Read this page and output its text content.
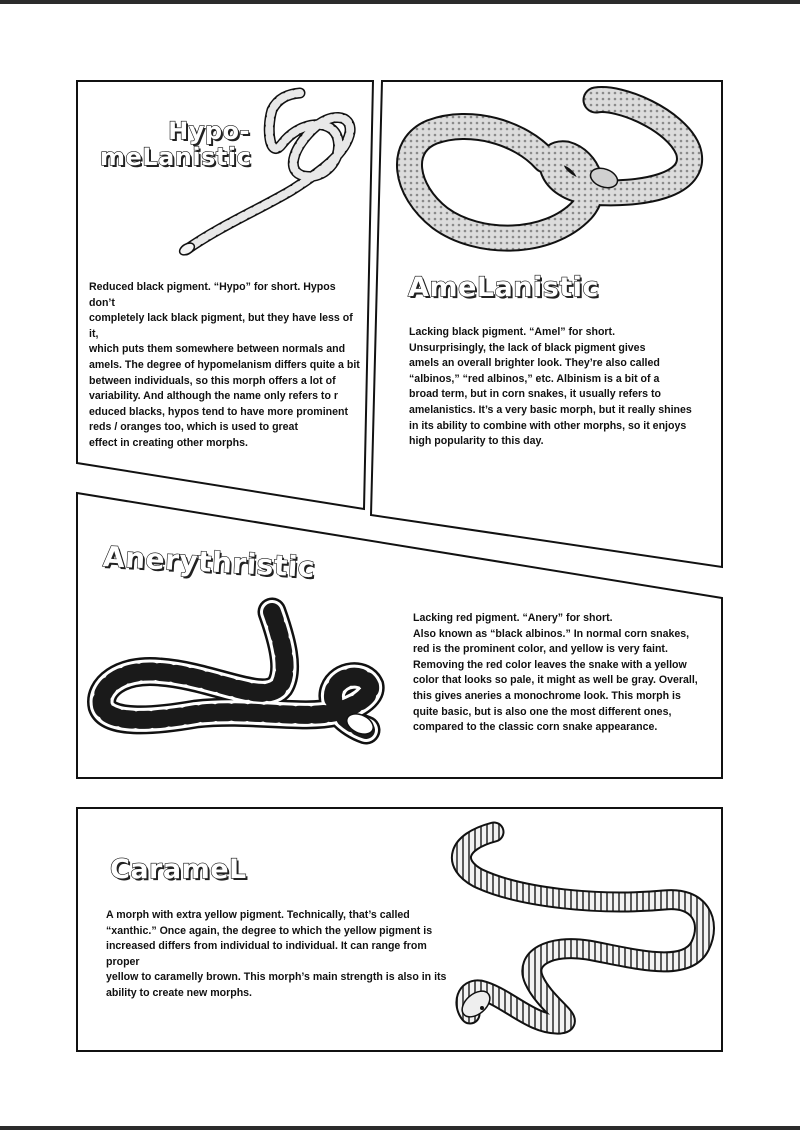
Hypo-
meLanistic

Reduced black pigment. “Hypo” for short. Hypos don’t
completely lack black pigment, but they have less of it,
which puts them somewhere between normals and
amels. The degree of hypomelanism differs quite a bit
between individuals, so this morph offers a lot of
variability. And although the name only refers to r
educed blacks, hypos tend to have more prominent
reds / oranges too, which is used to great
effect in creating other morphs.

AmeLanistic

Lacking black pigment. “Amel” for short.
Unsurprisingly, the lack of black pigment gives
amels an overall brighter look. They’re also called
“albinos,” “red albinos,” etc. Albinism is a bit of a
broad term, but in corn snakes, it usually refers to
amelanistics. It’s a very basic morph, but it really shines
in its ability to combine with other morphs, so it enjoys
high popularity to this day.

Anerythristic

Lacking red pigment. “Anery” for short.
Also known as “black albinos.” In normal corn snakes,
red is the prominent color, and yellow is very faint.
Removing the red color leaves the snake with a yellow
color that looks so pale, it might as well be gray. Overall,
this gives aneries a monochrome look. This morph is
quite basic, but is also one the most different ones,
compared to the classic corn snake appearance.

CarameL

A morph with extra yellow pigment. Technically, that’s called
“xanthic.” Once again, the degree to which the yellow pigment is
increased differs from individual to individual. It can range from proper
yellow to caramelly brown. This morph’s main strength is also in its
ability to create new morphs.
